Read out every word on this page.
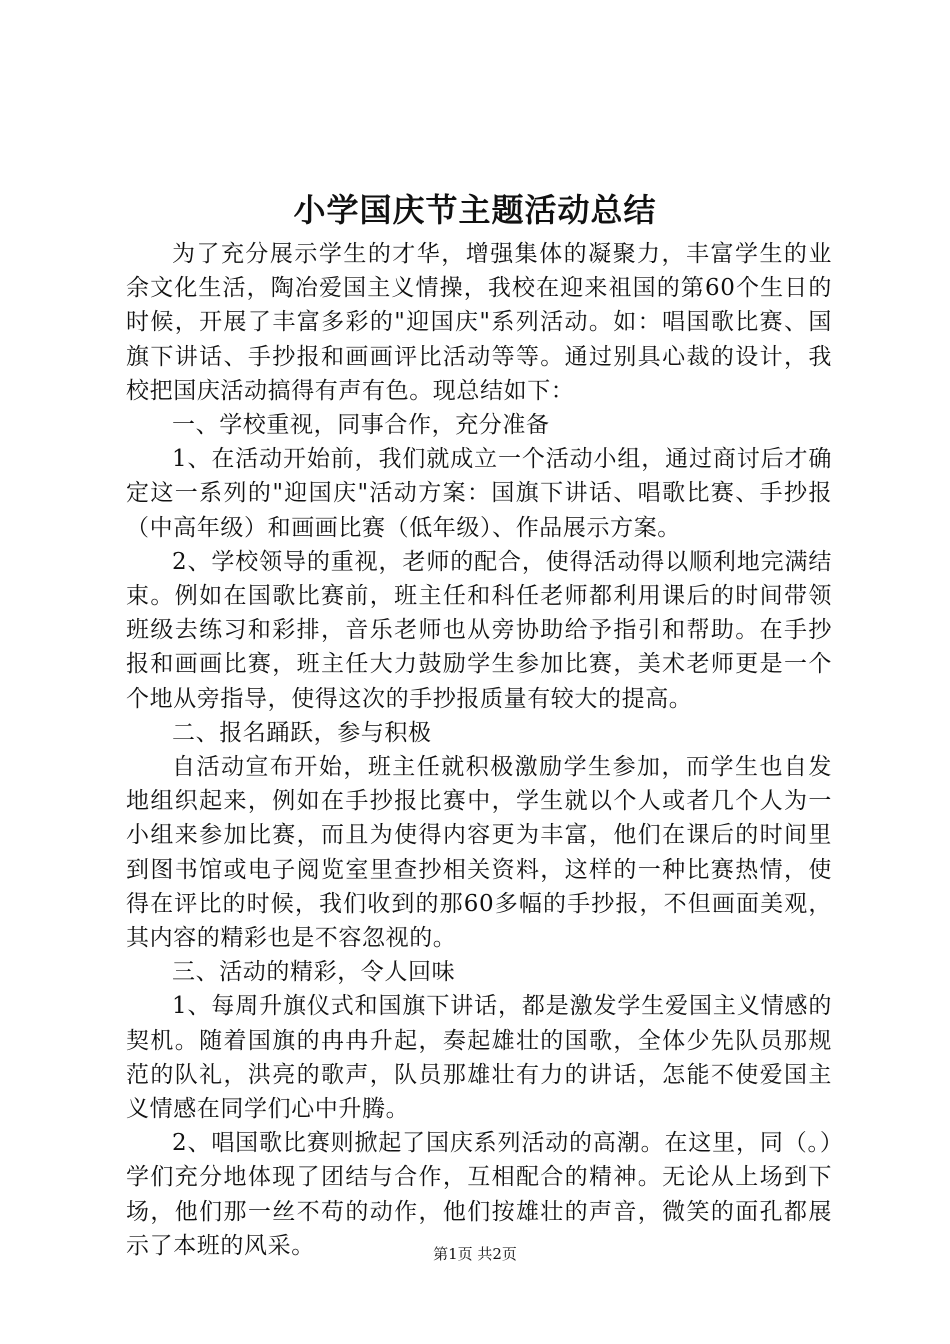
小学国庆节主题活动总结

为了充分展示学生的才华，增强集体的凝聚力，丰富学生的业余文化生活，陶冶爱国主义情操，我校在迎来祖国的第60个生日的时候，开展了丰富多彩的"迎国庆"系列活动。如：唱国歌比赛、国旗下讲话、手抄报和画画评比活动等等。通过别具心裁的设计，我校把国庆活动搞得有声有色。现总结如下：

一、学校重视，同事合作，充分准备

1、在活动开始前，我们就成立一个活动小组，通过商讨后才确定这一系列的"迎国庆"活动方案：国旗下讲话、唱歌比赛、手抄报（中高年级）和画画比赛（低年级）、作品展示方案。

2、学校领导的重视，老师的配合，使得活动得以顺利地完满结束。例如在国歌比赛前，班主任和科任老师都利用课后的时间带领班级去练习和彩排，音乐老师也从旁协助给予指引和帮助。在手抄报和画画比赛，班主任大力鼓励学生参加比赛，美术老师更是一个个地从旁指导，使得这次的手抄报质量有较大的提高。

二、报名踊跃，参与积极

自活动宣布开始，班主任就积极激励学生参加，而学生也自发地组织起来，例如在手抄报比赛中，学生就以个人或者几个人为一小组来参加比赛，而且为使得内容更为丰富，他们在课后的时间里到图书馆或电子阅览室里查抄相关资料，这样的一种比赛热情，使得在评比的时候，我们收到的那60多幅的手抄报，不但画面美观，其内容的精彩也是不容忽视的。

三、活动的精彩，令人回味

1、每周升旗仪式和国旗下讲话，都是激发学生爱国主义情感的契机。随着国旗的冉冉升起，奏起雄壮的国歌，全体少先队员那规范的队礼，洪亮的歌声，队员那雄壮有力的讲话，怎能不使爱国主义情感在同学们心中升腾。

2、唱国歌比赛则掀起了国庆系列活动的高潮。在这里，同（。）学们充分地体现了团结与合作，互相配合的精神。无论从上场到下场，他们那一丝不苟的动作，他们按雄壮的声音，微笑的面孔都展示了本班的风采。	第1页 共2页
